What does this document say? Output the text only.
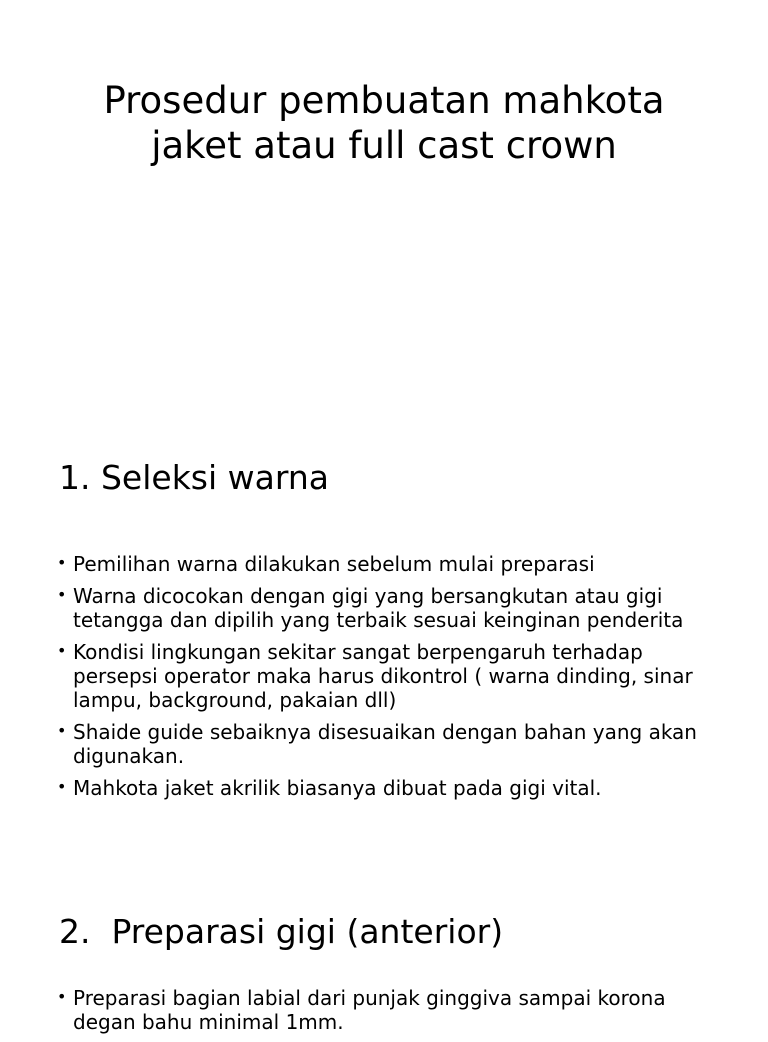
Prosedur pembuatan mahkota jaket atau full cast crown
1. Seleksi warna
• Pemilihan warna dilakukan sebelum mulai preparasi
• Warna dicocokan dengan gigi yang bersangkutan atau gigi tetangga dan dipilih yang terbaik sesuai keinginan penderita
• Kondisi lingkungan sekitar sangat berpengaruh terhadap persepsi operator maka harus dikontrol ( warna dinding, sinar lampu, background, pakaian dll)
• Shaide guide sebaiknya disesuaikan dengan bahan yang akan digunakan.
• Mahkota jaket akrilik biasanya dibuat pada gigi vital.
2.  Preparasi gigi (anterior)
• Preparasi bagian labial dari punjak ginggiva sampai korona degan bahu minimal 1mm.
